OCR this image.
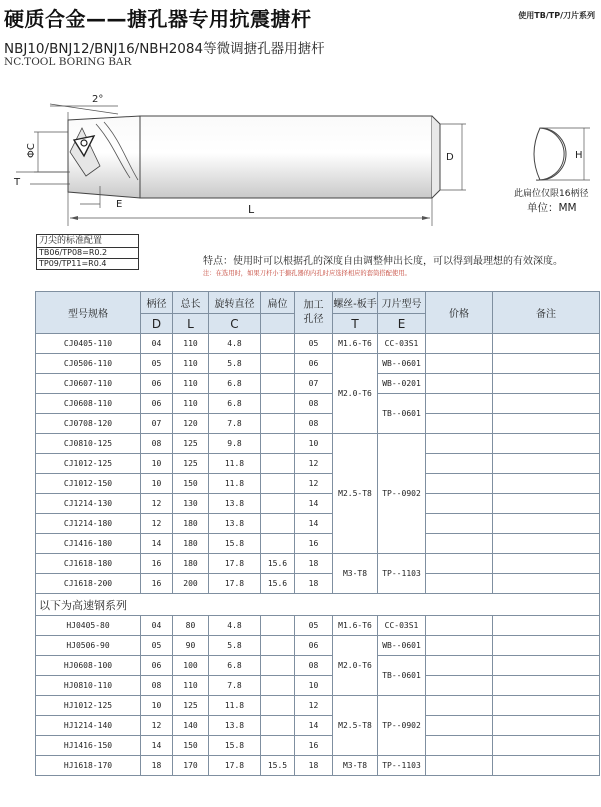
硬质合金——搪孔器专用抗震搪杆	使用TB/TP/刀片系列
NBJ10/BNJ12/BNJ16/NBH2084等微调搪孔器用搪杆
NC.TOOL BORING BAR
L
2°
ΦC
T
E
D	H
此扁位仅限16柄径
单位：MM
刀尖的标准配置
TB06/TP08=R0.2
TP09/TP11=R0.4	特点：使用时可以根据孔的深度自由调整伸出长度，可以得到最理想的有效深度。
注：在选用时，如果刀杆小于搪孔器的内孔时应选择相应的套筒搭配使用。
型号规格	柄径	总长	旋转直径	扁位	加工孔径	螺丝-板手	刀片型号	价格	备注
	D	L	C			T	E		
CJ0405-110	04	110	4.8		05	M1.6-T6	CC-03S1		
CJ0506-110	05	110	5.8		06	M2.0-T6	WB--0601		
CJ0607-110	06	110	6.8		07		WB--0201		
CJ0608-110	06	110	6.8		08		TB--0601		
CJ0708-120	07	120	7.8		08				
CJ0810-125	08	125	9.8		10	M2.5-T8	TP--0902		
CJ1012-125	10	125	11.8		12				
CJ1012-150	10	150	11.8		12				
CJ1214-130	12	130	13.8		14				
CJ1214-180	12	180	13.8		14				
CJ1416-180	14	180	15.8		16				
CJ1618-180	16	180	17.8	15.6	18	M3-T8	TP--1103		
CJ1618-200	16	200	17.8	15.6	18				
以下为高速钢系列									
HJ0405-80	04	80	4.8		05	M1.6-T6	CC-03S1		
HJ0506-90	05	90	5.8		06	M2.0-T6	WB--0601		
HJ0608-100	06	100	6.8		08		TB--0601		
HJ0810-110	08	110	7.8		10				
HJ1012-125	10	125	11.8		12	M2.5-T8	TP--0902		
HJ1214-140	12	140	13.8		14				
HJ1416-150	14	150	15.8		16				
HJ1618-170	18	170	17.8	15.5	18	M3-T8	TP--1103		
